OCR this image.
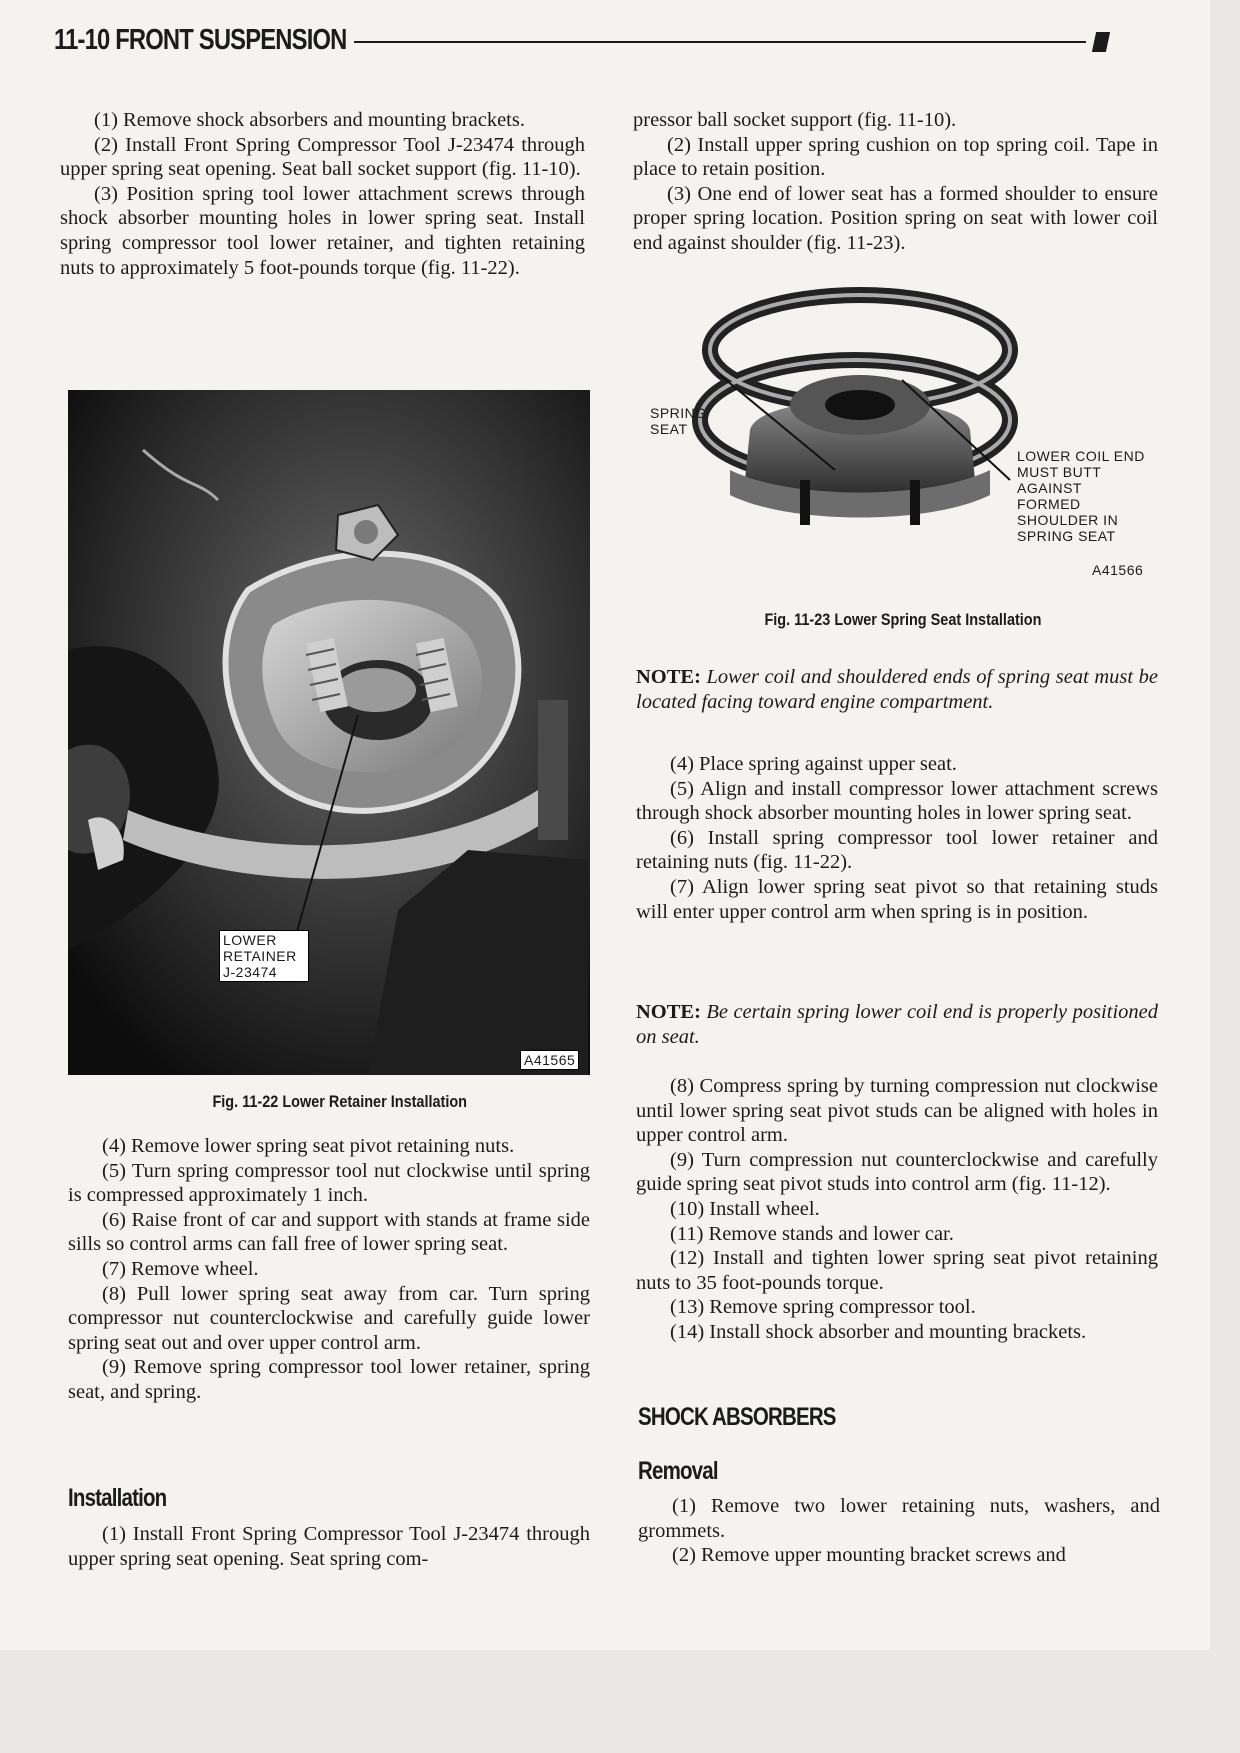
11-10 FRONT SUSPENSION

(1) Remove shock absorbers and mounting brackets.

(2) Install Front Spring Compressor Tool J-23474 through upper spring seat opening. Seat ball socket support (fig. 11-10).

(3) Position spring tool lower attachment screws through shock absorber mounting holes in lower spring seat. Install spring compressor tool lower retainer, and tighten retaining nuts to approximately 5 foot-pounds torque (fig. 11-22).

LOWER RETAINER J-23474
A41565
Fig. 11-22 Lower Retainer Installation

(4) Remove lower spring seat pivot retaining nuts.

(5) Turn spring compressor tool nut clockwise until spring is compressed approximately 1 inch.

(6) Raise front of car and support with stands at frame side sills so control arms can fall free of lower spring seat.

(7) Remove wheel.

(8) Pull lower spring seat away from car. Turn spring compressor nut counterclockwise and carefully guide lower spring seat out and over upper control arm.

(9) Remove spring compressor tool lower retainer, spring seat, and spring.

Installation

(1) Install Front Spring Compressor Tool J-23474 through upper spring seat opening. Seat spring com-

pressor ball socket support (fig. 11-10).

(2) Install upper spring cushion on top spring coil. Tape in place to retain position.

(3) One end of lower seat has a formed shoulder to ensure proper spring location. Position spring on seat with lower coil end against shoulder (fig. 11-23).

SPRING SEAT
LOWER COIL END MUST BUTT AGAINST FORMED SHOULDER IN SPRING SEAT
A41566
Fig. 11-23 Lower Spring Seat Installation

NOTE: Lower coil and shouldered ends of spring seat must be located facing toward engine compartment.

(4) Place spring against upper seat.

(5) Align and install compressor lower attachment screws through shock absorber mounting holes in lower spring seat.

(6) Install spring compressor tool lower retainer and retaining nuts (fig. 11-22).

(7) Align lower spring seat pivot so that retaining studs will enter upper control arm when spring is in position.

NOTE: Be certain spring lower coil end is properly positioned on seat.

(8) Compress spring by turning compression nut clockwise until lower spring seat pivot studs can be aligned with holes in upper control arm.

(9) Turn compression nut counterclockwise and carefully guide spring seat pivot studs into control arm (fig. 11-12).

(10) Install wheel.

(11) Remove stands and lower car.

(12) Install and tighten lower spring seat pivot retaining nuts to 35 foot-pounds torque.

(13) Remove spring compressor tool.

(14) Install shock absorber and mounting brackets.

SHOCK ABSORBERS
Removal

(1) Remove two lower retaining nuts, washers, and grommets.

(2) Remove upper mounting bracket screws and
